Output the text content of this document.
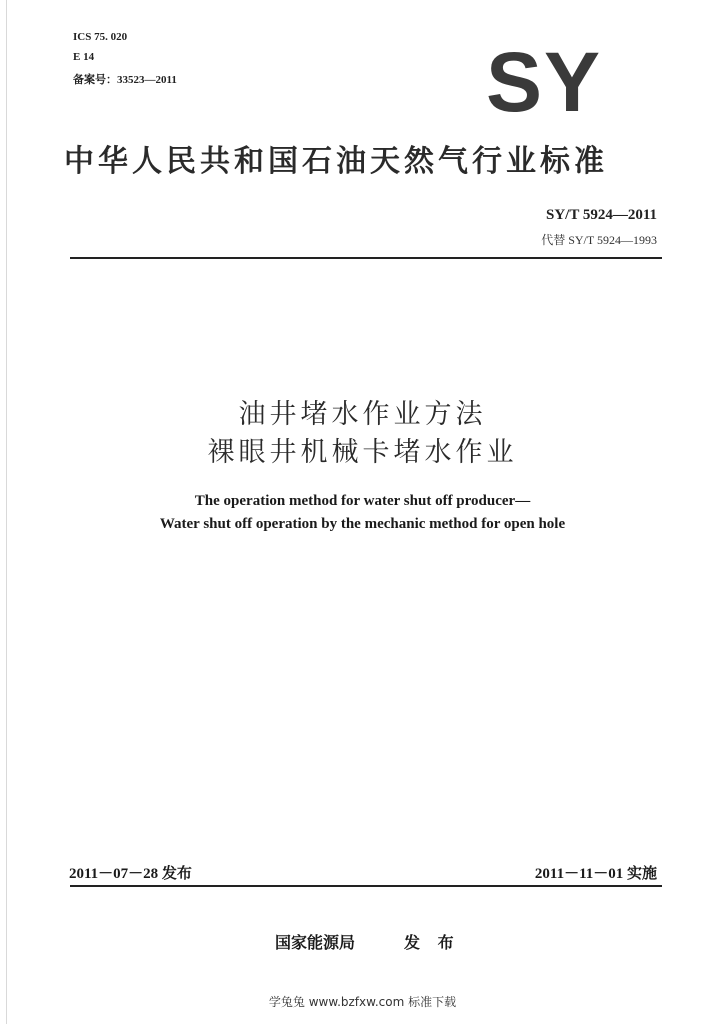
ICS 75. 020
E 14
备案号：33523—2011	SY
中华人民共和国石油天然气行业标准
SY/T 5924—2011
代替 SY/T 5924—1993
油井堵水作业方法
裸眼井机械卡堵水作业
The operation method for water shut off producer—
Water shut off operation by the mechanic method for open hole
2011－07－28 发布	2011－11－01 实施
国家能源局	发 布
学兔兔 www.bzfxw.com 标准下载
